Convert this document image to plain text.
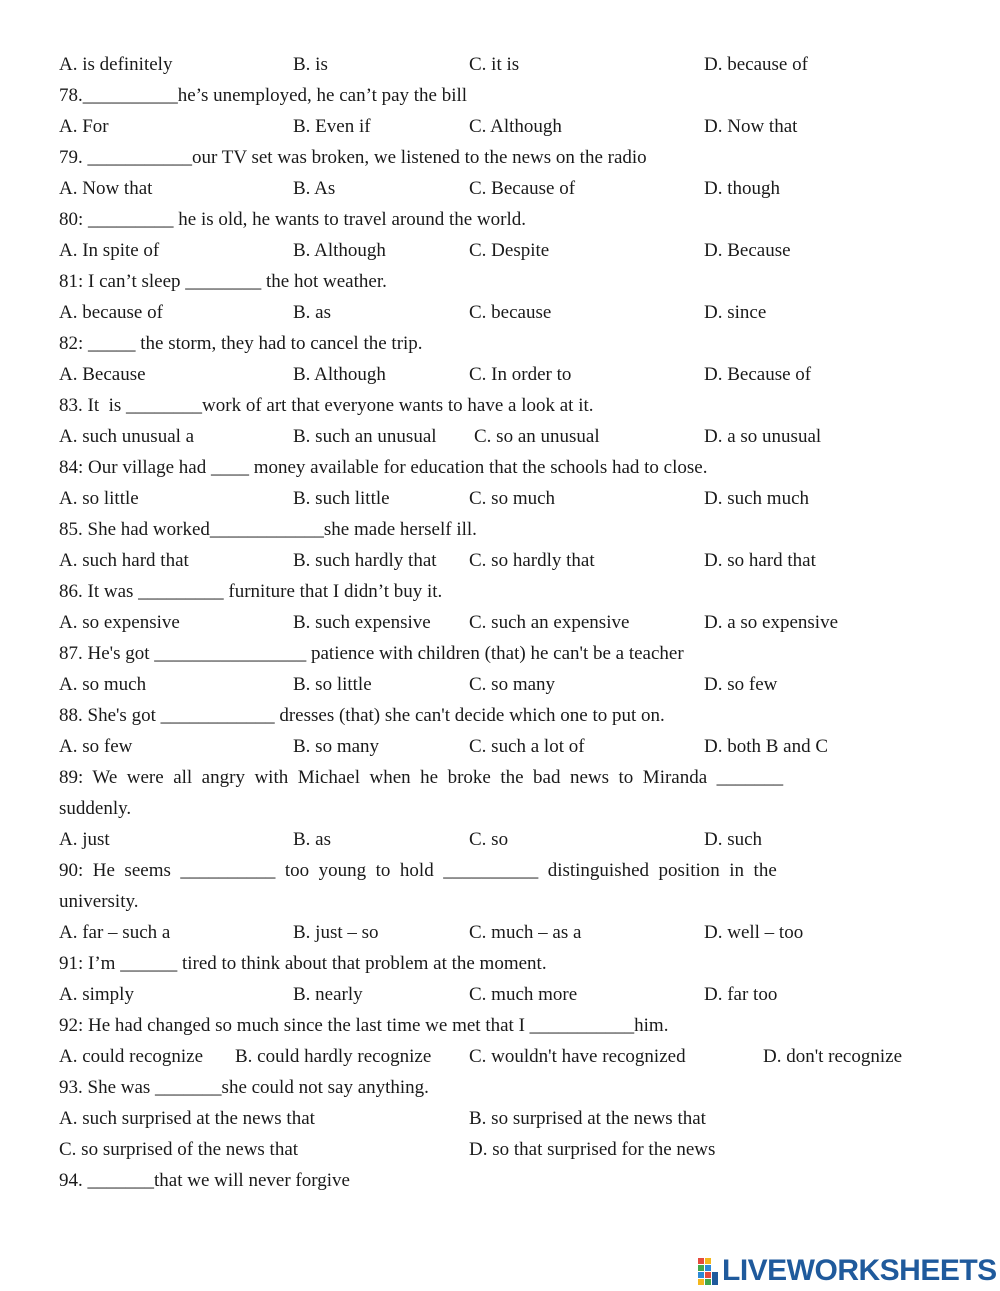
A. is definitely	B. is	C. it is	D. because of
78.__________he’s unemployed, he can’t pay the bill
A. For	B. Even if	C. Although	D. Now that
79. ___________our TV set was broken, we listened to the news on the radio
A. Now that	B. As	C. Because of	D. though
80: _________ he is old, he wants to travel around the world.
A. In spite of	B. Although	C. Despite	D. Because
81: I can’t sleep ________ the hot weather.
A. because of	B. as	C. because	D. since
82: _____ the storm, they had to cancel the trip.
A. Because	B. Although	C. In order to	D. Because of
83. It  is ________work of art that everyone wants to have a look at it.
A. such unusual a	B. such an unusual C. so an unusual	D. a so unusual
84: Our village had ____ money available for education that the schools had to close.
A. so little	B. such little	C. so much	D. such much
85. She had worked____________she made herself ill.
A. such hard that	B. such hardly that C. so hardly that	D. so hard that
86. It was _________ furniture that I didn’t buy it.
A. so expensive	B. such expensive C. such an expensive	D. a so expensive
87. He's got ________________ patience with children (that) he can't be a teacher
A. so much	B. so little	C. so many	D. so few
88. She's got ____________ dresses (that) she can't decide which one to put on.
A. so few	B. so many	C. such a lot of	D. both B and C
89:  We  were  all  angry  with  Michael  when  he  broke  the  bad  news  to  Miranda  _______
suddenly.
A. just	B. as	C. so	D. such
90:  He  seems  __________  too  young  to  hold  __________  distinguished  position  in  the
university.
A. far – such a	B. just – so	C. much – as a	D. well – too
91: I’m ______ tired to think about that problem at the moment.
A. simply	B. nearly	C. much more	D. far too
92: He had changed so much since the last time we met that I ___________him.
A. could recognize B. could hardly recognize C. wouldn't have recognized	D. don't recognize
93. She was _______she could not say anything.
A. such surprised at the news that	B. so surprised at the news that
C. so surprised of the news that	D. so that surprised for the news
94. _______that we will never forgive
LIVEWORKSHEETS
